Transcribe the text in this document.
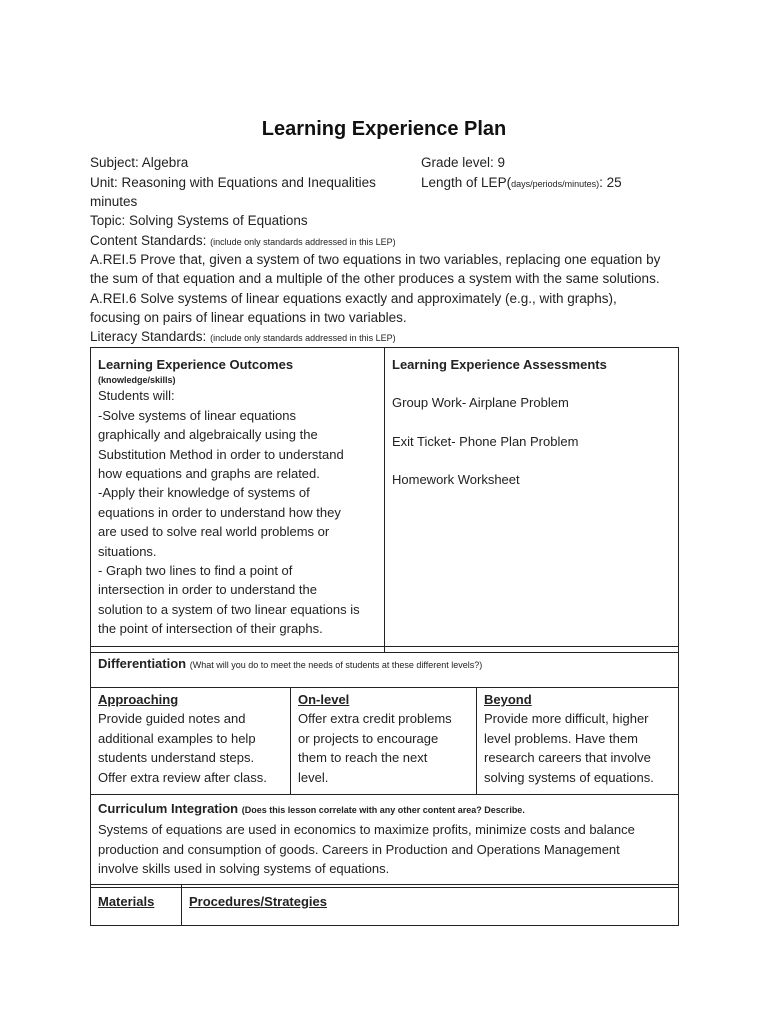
Learning Experience Plan
Subject: Algebra	Grade level: 9
Unit: Reasoning with Equations and Inequalities	Length of LEP(days/periods/minutes): 25
minutes
Topic: Solving Systems of Equations
Content Standards: (include only standards addressed in this LEP)
A.REI.5 Prove that, given a system of two equations in two variables, replacing one equation by
the sum of that equation and a multiple of the other produces a system with the same solutions.
A.REI.6 Solve systems of linear equations exactly and approximately (e.g., with graphs),
focusing on pairs of linear equations in two variables.
Literacy Standards: (include only standards addressed in this LEP)
Learning Experience Outcomes
(knowledge/skills)
Students will:
-Solve systems of linear equations
graphically and algebraically using the
Substitution Method in order to understand
how equations and graphs are related.
-Apply their knowledge of systems of
equations in order to understand how they
are used to solve real world problems or
situations.
- Graph two lines to find a point of
intersection in order to understand the
solution to a system of two linear equations is
the point of intersection of their graphs.

Learning Experience Assessments
Group Work- Airplane Problem
Exit Ticket- Phone Plan Problem
Homework Worksheet
Differentiation (What will you do to meet the needs of students at these different levels?)

Approaching
Provide guided notes and
additional examples to help
students understand steps.
Offer extra review after class.

On-level
Offer extra credit problems
or projects to encourage
them to reach the next
level.

Beyond
Provide more difficult, higher
level problems. Have them
research careers that involve
solving systems of equations.

Curriculum Integration (Does this lesson correlate with any other content area? Describe.
Systems of equations are used in economics to maximize profits, minimize costs and balance
production and consumption of goods. Careers in Production and Operations Management
involve skills used in solving systems of equations.
Materials	Procedures/Strategies
